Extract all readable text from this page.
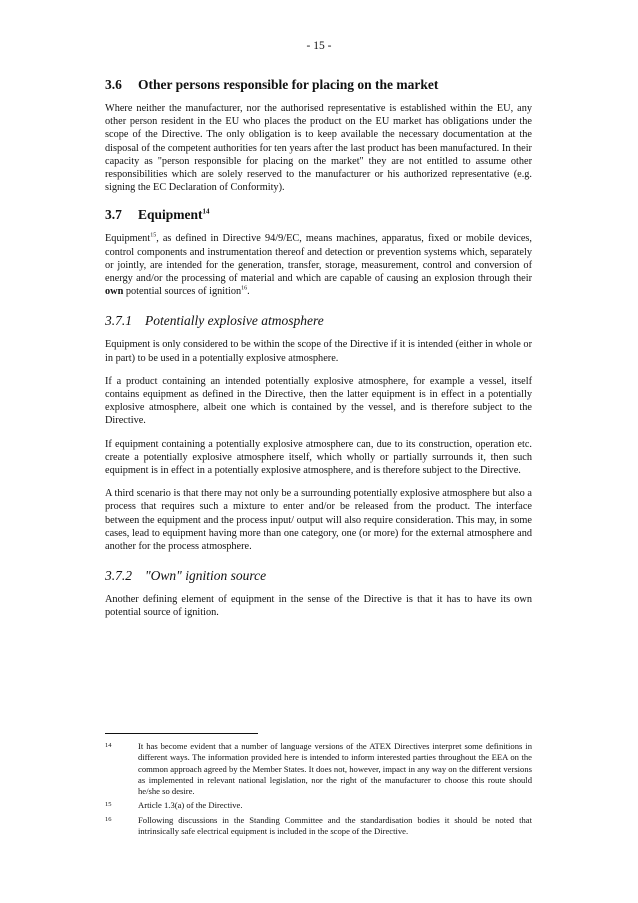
- 15 -
3.6 Other persons responsible for placing on the market

Where neither the manufacturer, nor the authorised representative is established within the EU, any other person resident in the EU who places the product on the EU market has obligations under the scope of the Directive. The only obligation is to keep available the necessary documentation at the disposal of the competent authorities for ten years after the last product has been manufactured. In their capacity as "person responsible for placing on the market" they are not entitled to assume other responsibilities which are solely reserved to the manufacturer or his authorized representative (e.g. signing the EC Declaration of Conformity).

3.7 Equipment$^{14}$

Equipment$^{15}$, as defined in Directive 94/9/EC, means machines, apparatus, fixed or mobile devices, control components and instrumentation thereof and detection or prevention systems which, separately or jointly, are intended for the generation, transfer, storage, measurement, control and conversion of energy and/or the processing of material and which are capable of causing an explosion through their own potential sources of ignition$^{16}$.

3.7.1 Potentially explosive atmosphere

Equipment is only considered to be within the scope of the Directive if it is intended (either in whole or in part) to be used in a potentially explosive atmosphere.

If a product containing an intended potentially explosive atmosphere, for example a vessel, itself contains equipment as defined in the Directive, then the latter equipment is in effect in a potentially explosive atmosphere, albeit one which is contained by the vessel, and is therefore subject to the Directive.

If equipment containing a potentially explosive atmosphere can, due to its construction, operation etc. create a potentially explosive atmosphere itself, which wholly or partially surrounds it, then such equipment is in effect in a potentially explosive atmosphere, and is therefore subject to the Directive.

A third scenario is that there may not only be a surrounding potentially explosive atmosphere but also a process that requires such a mixture to enter and/or be released from the product. The interface between the equipment and the process input/ output will also require consideration. This may, in some cases, lead to equipment having more than one category, one (or more) for the external atmosphere and another for the process atmosphere.

3.7.2 "Own" ignition source

Another defining element of equipment in the sense of the Directive is that it has to have its own potential source of ignition.

14	It has become evident that a number of language versions of the ATEX Directives interpret some definitions in different ways. The information provided here is intended to inform interested parties throughout the EEA on the common approach agreed by the Member States. It does not, however, impact in any way on the different versions as implemented in relevant national legislation, nor the right of the manufacturer to choose this route should he/she so desire.
15	Article 1.3(a) of the Directive.
16	Following discussions in the Standing Committee and the standardisation bodies it should be noted that intrinsically safe electrical equipment is included in the scope of the Directive.
